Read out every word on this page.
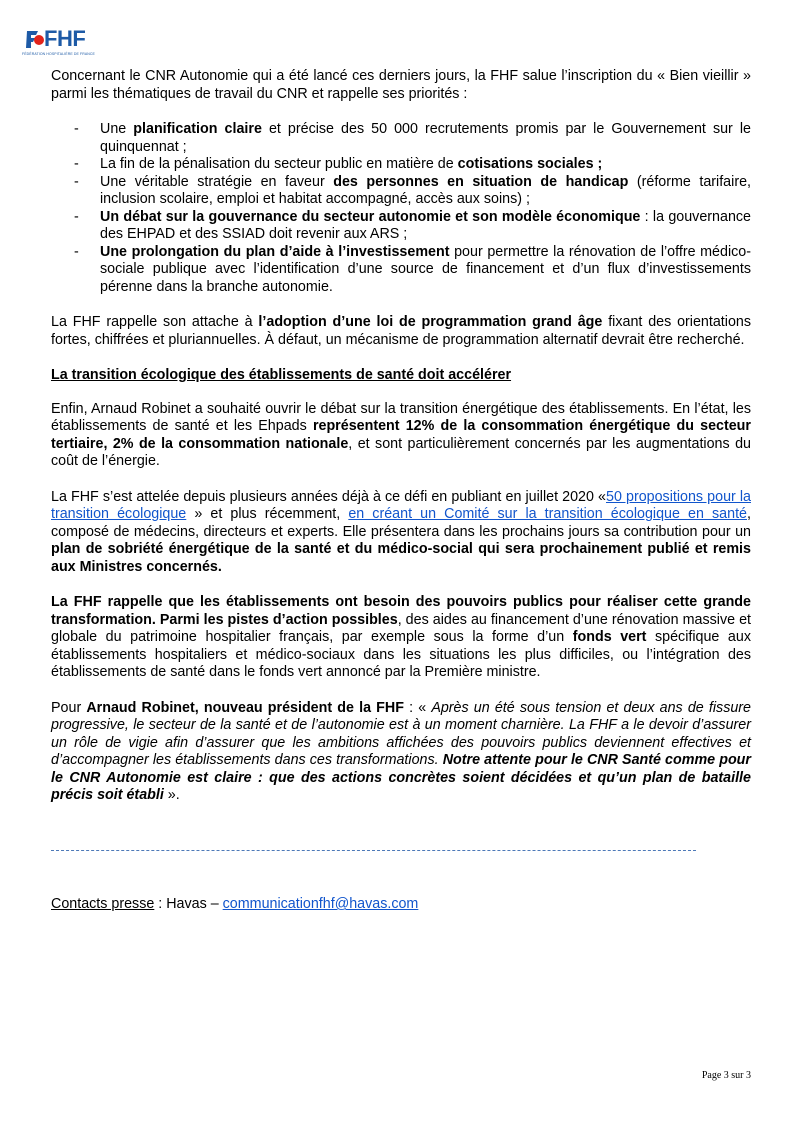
FHF
FÉDÉRATION HOSPITALIÈRE DE FRANCE

Concernant le CNR Autonomie qui a été lancé ces derniers jours, la FHF salue l’inscription du « Bien vieillir » parmi les thématiques de travail du CNR et rappelle ses priorités :

- Une planification claire et précise des 50 000 recrutements promis par le Gouvernement sur le quinquennat ;
- La fin de la pénalisation du secteur public en matière de cotisations sociales ;
- Une véritable stratégie en faveur des personnes en situation de handicap (réforme tarifaire, inclusion scolaire, emploi et habitat accompagné, accès aux soins) ;
- Un débat sur la gouvernance du secteur autonomie et son modèle économique : la gouvernance des EHPAD et des SSIAD doit revenir aux ARS ;
- Une prolongation du plan d’aide à l’investissement pour permettre la rénovation de l’offre médico-sociale publique avec l’identification d’une source de financement et d’un flux d’investissements pérenne dans la branche autonomie.

La FHF rappelle son attache à l’adoption d’une loi de programmation grand âge fixant des orientations fortes, chiffrées et pluriannuelles. À défaut, un mécanisme de programmation alternatif devrait être recherché.

La transition écologique des établissements de santé doit accélérer

Enfin, Arnaud Robinet a souhaité ouvrir le débat sur la transition énergétique des établissements. En l’état, les établissements de santé et les Ehpads représentent 12% de la consommation énergétique du secteur tertiaire, 2% de la consommation nationale, et sont particulièrement concernés par les augmentations du coût de l’énergie.

La FHF s’est attelée depuis plusieurs années déjà à ce défi en publiant en juillet 2020 «50 propositions pour la transition écologique » et plus récemment, en créant un Comité sur la transition écologique en santé, composé de médecins, directeurs et experts. Elle présentera dans les prochains jours sa contribution pour un plan de sobriété énergétique de la santé et du médico-social qui sera prochainement publié et remis aux Ministres concernés.

La FHF rappelle que les établissements ont besoin des pouvoirs publics pour réaliser cette grande transformation. Parmi les pistes d’action possibles, des aides au financement d’une rénovation massive et globale du patrimoine hospitalier français, par exemple sous la forme d’un fonds vert spécifique aux établissements hospitaliers et médico-sociaux dans les situations les plus difficiles, ou l’intégration des établissements de santé dans le fonds vert annoncé par la Première ministre.

Pour Arnaud Robinet, nouveau président de la FHF : « Après un été sous tension et deux ans de fissure progressive, le secteur de la santé et de l’autonomie est à un moment charnière. La FHF a le devoir d’assurer un rôle de vigie afin d’assurer que les ambitions affichées des pouvoirs publics deviennent effectives et d’accompagner les établissements dans ces transformations. Notre attente pour le CNR Santé comme pour le CNR Autonomie est claire : que des actions concrètes soient décidées et qu’un plan de bataille précis soit établi ».

Contacts presse : Havas – communicationfhf@havas.com
Page 3 sur 3
